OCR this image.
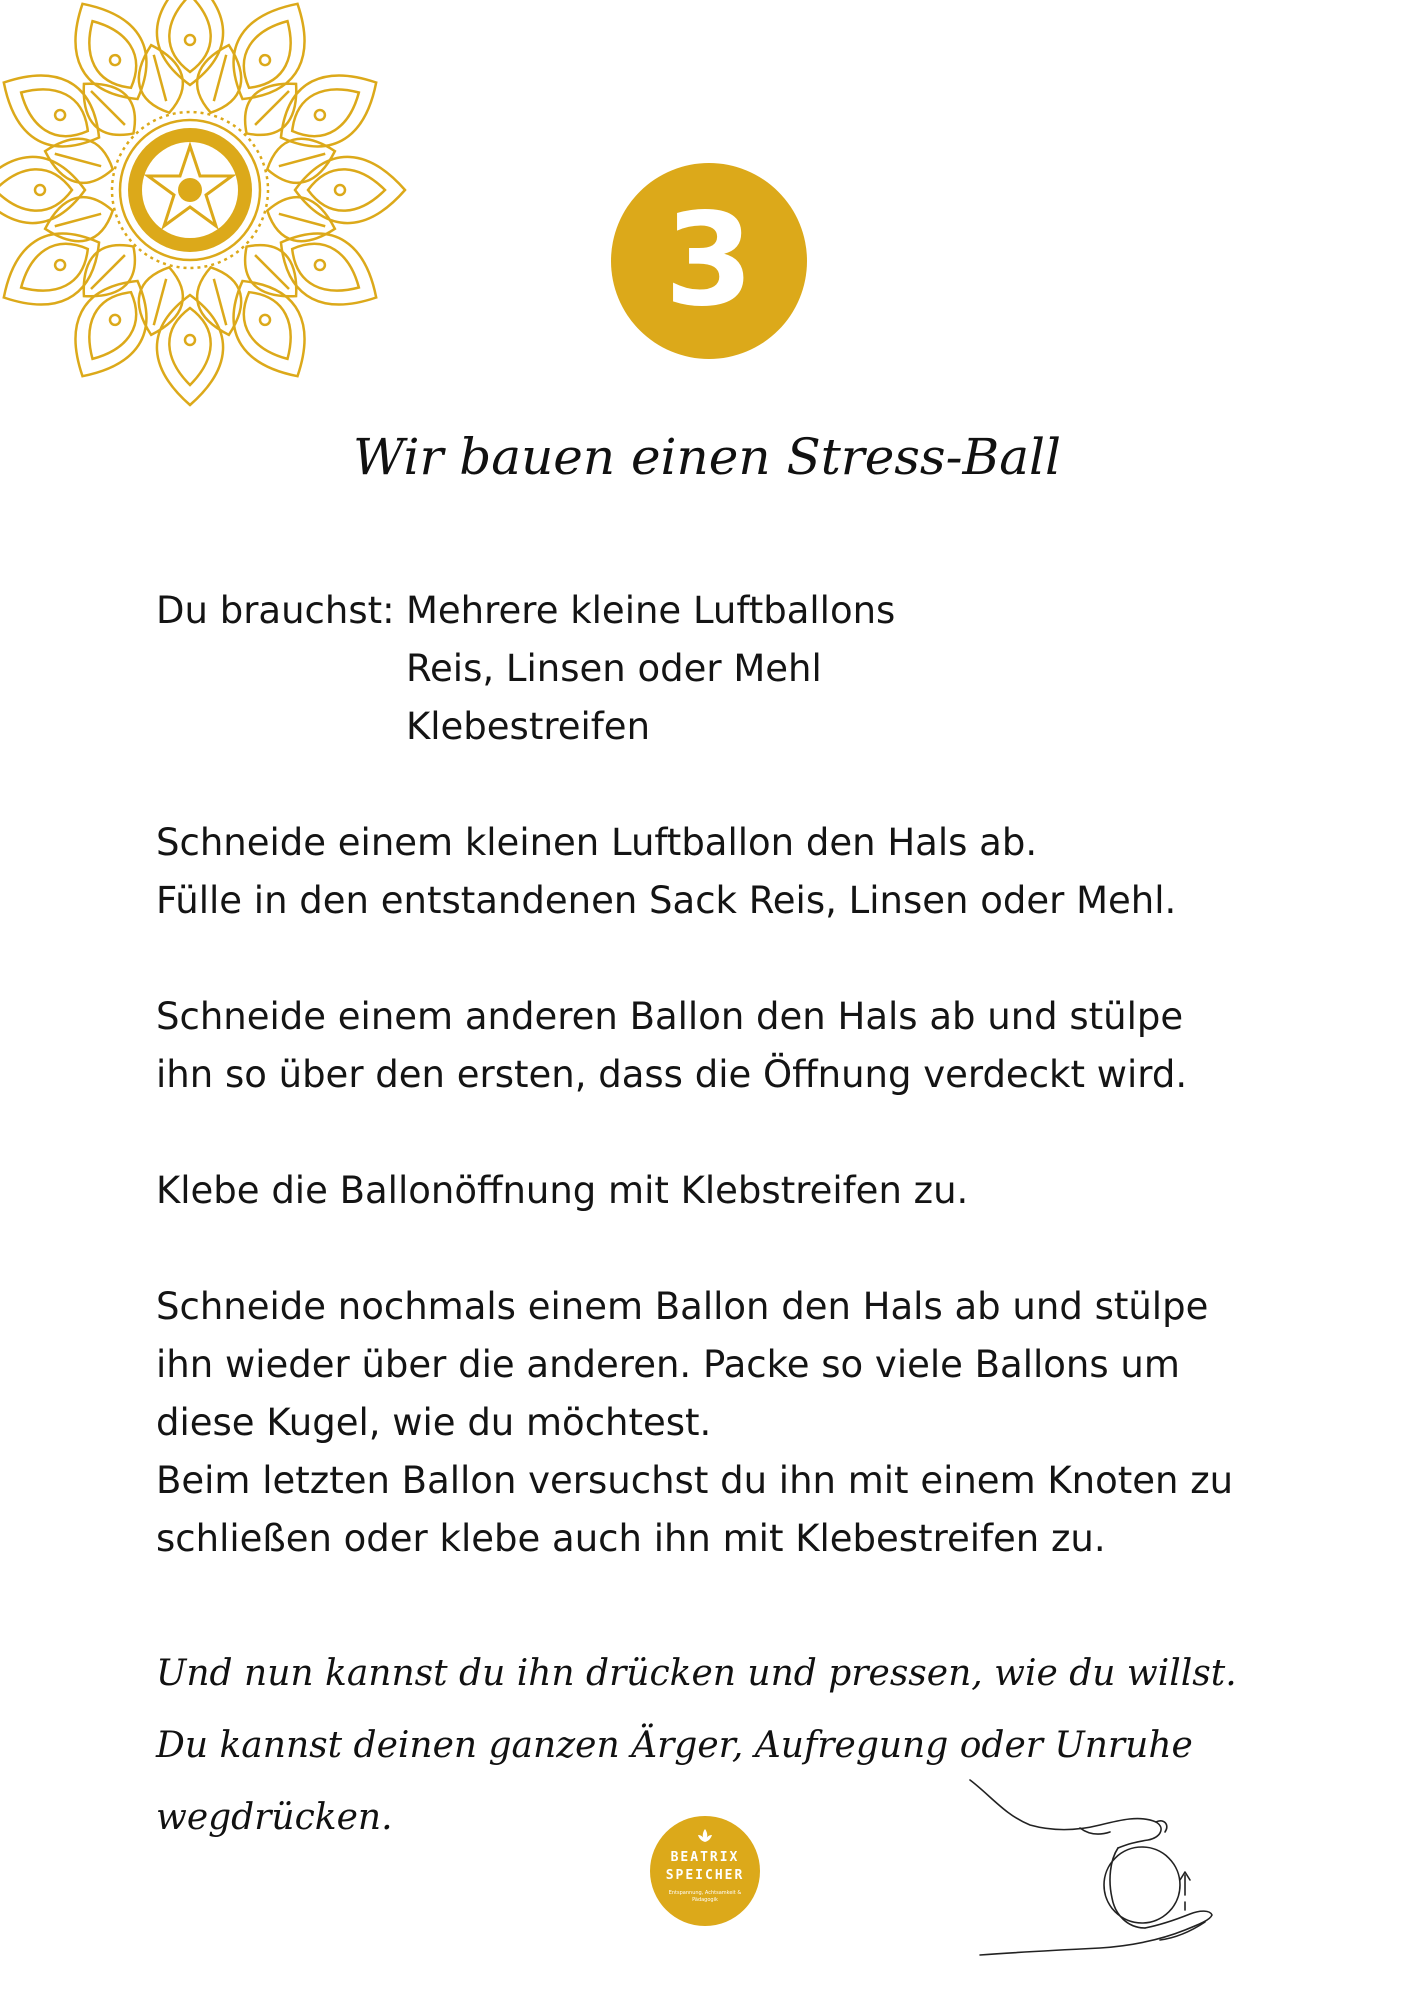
3
Wir bauen einen Stress-Ball
Du brauchst: Mehrere kleine Luftballons
Reis, Linsen oder Mehl
Klebestreifen
Schneide einem kleinen Luftballon den Hals ab.
Fülle in den entstandenen Sack Reis, Linsen oder Mehl.
Schneide einem anderen Ballon den Hals ab und stülpe
ihn so über den ersten, dass die Öffnung verdeckt wird.
Klebe die Ballonöffnung mit Klebstreifen zu.
Schneide nochmals einem Ballon den Hals ab und stülpe
ihn wieder über die anderen. Packe so viele Ballons um
diese Kugel, wie du möchtest.
Beim letzten Ballon versuchst du ihn mit einem Knoten zu
schließen oder klebe auch ihn mit Klebestreifen zu.
Und nun kannst du ihn drücken und pressen, wie du willst.
Du kannst deinen ganzen Ärger, Aufregung oder Unruhe
wegdrücken.
BEATRIX
SPEICHER
Entspannung, Achtsamkeit & Pädagogik
